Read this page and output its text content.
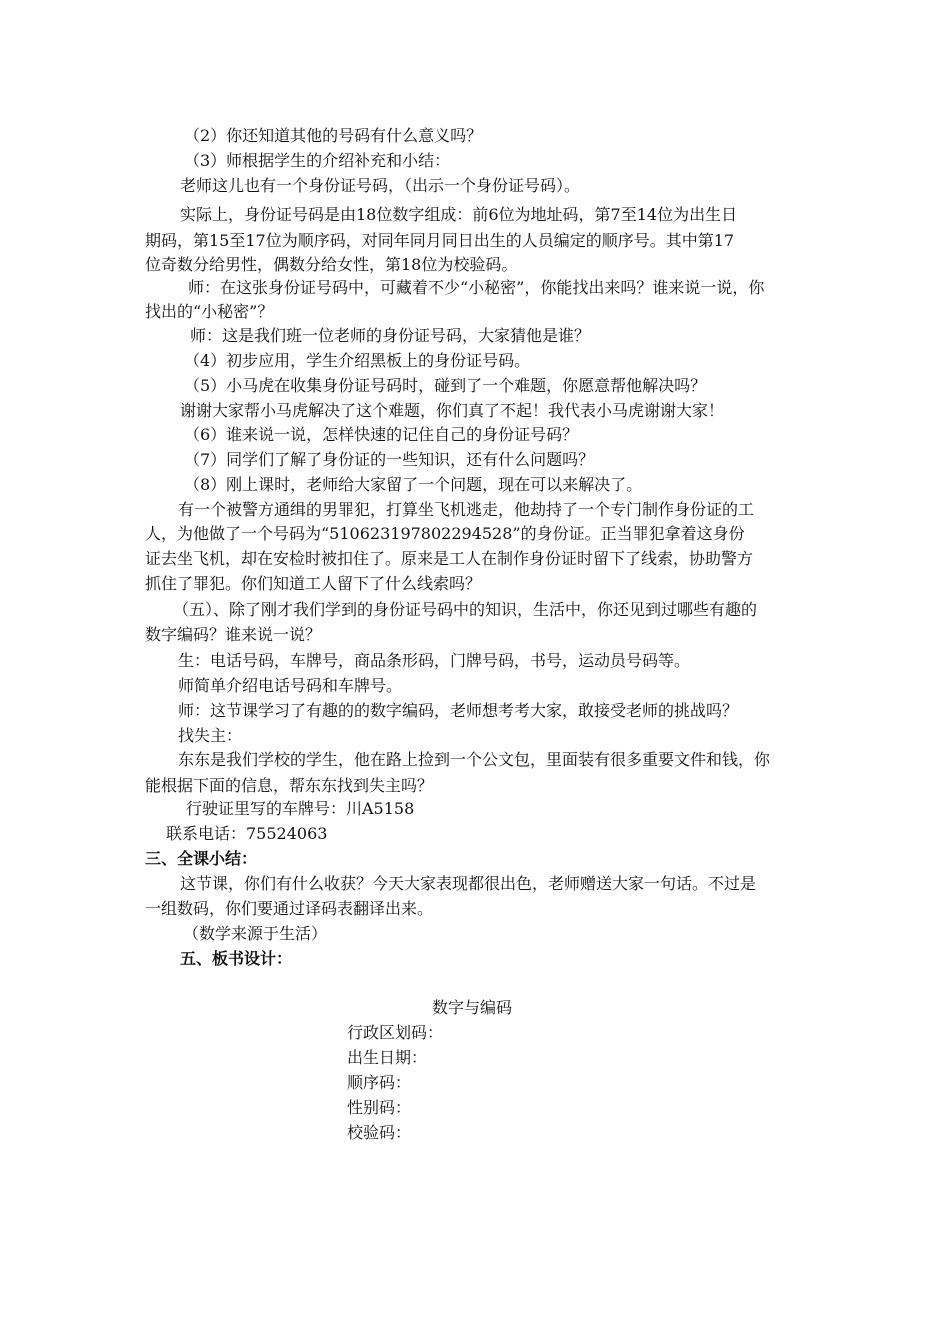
（2）你还知道其他的号码有什么意义吗？
（3）师根据学生的介绍补充和小结：
老师这儿也有一个身份证号码，（出示一个身份证号码）。
实际上，身份证号码是由18位数字组成：前6位为地址码，第7至14位为出生日
期码，第15至17位为顺序码，对同年同月同日出生的人员编定的顺序号。其中第17
位奇数分给男性，偶数分给女性，第18位为校验码。
师：在这张身份证号码中，可藏着不少“小秘密”，你能找出来吗？谁来说一说，你
找出的“小秘密”？
师：这是我们班一位老师的身份证号码，大家猜他是谁？
（4）初步应用，学生介绍黑板上的身份证号码。
（5）小马虎在收集身份证号码时，碰到了一个难题，你愿意帮他解决吗？
谢谢大家帮小马虎解决了这个难题，你们真了不起！我代表小马虎谢谢大家！
（6）谁来说一说，怎样快速的记住自己的身份证号码？
（7）同学们了解了身份证的一些知识，还有什么问题吗？
（8）刚上课时，老师给大家留了一个问题，现在可以来解决了。
有一个被警方通缉的男罪犯，打算坐飞机逃走，他劫持了一个专门制作身份证的工
人，为他做了一个号码为“510623197802294528”的身份证。正当罪犯拿着这身份
证去坐飞机，却在安检时被扣住了。原来是工人在制作身份证时留下了线索，协助警方
抓住了罪犯。你们知道工人留下了什么线索吗？
（五）、除了刚才我们学到的身份证号码中的知识，生活中，你还见到过哪些有趣的
数字编码？谁来说一说？
生：电话号码，车牌号，商品条形码，门牌号码，书号，运动员号码等。
师简单介绍电话号码和车牌号。
师：这节课学习了有趣的的数字编码，老师想考考大家，敢接受老师的挑战吗？
找失主：
东东是我们学校的学生，他在路上捡到一个公文包，里面装有很多重要文件和钱，你
能根据下面的信息，帮东东找到失主吗？
行驶证里写的车牌号：川A5158
联系电话：75524063
三、全课小结：
这节课，你们有什么收获？今天大家表现都很出色，老师赠送大家一句话。不过是
一组数码，你们要通过译码表翻译出来。
（数学来源于生活）
五、板书设计：
数字与编码
行政区划码：
出生日期：
顺序码：
性别码：
校验码：
